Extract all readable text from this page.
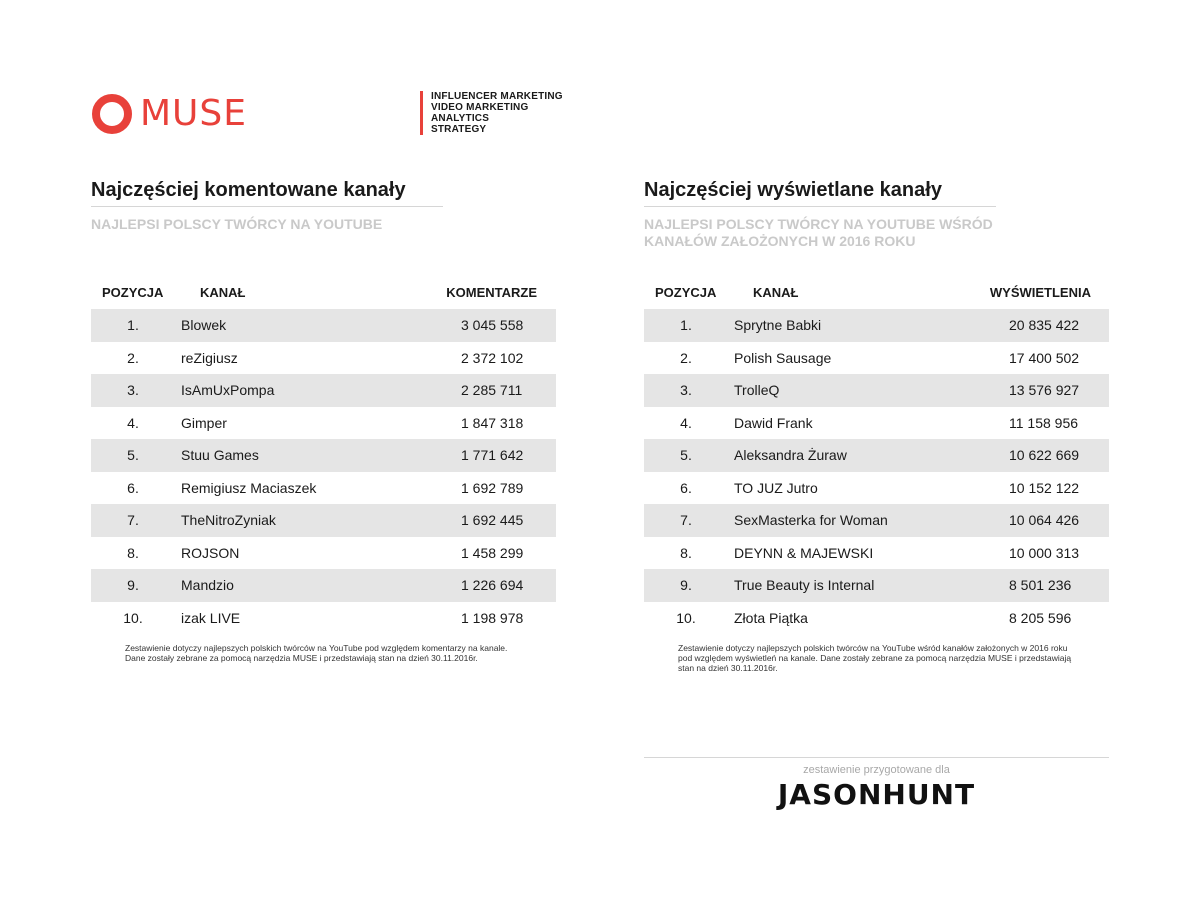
MUSE	INFLUENCER MARKETING
VIDEO MARKETING
ANALYTICS
STRATEGY
Najczęściej komentowane kanały
NAJLEPSI POLSCY TWÓRCY NA YOUTUBE
POZYCJA	KANAŁ	KOMENTARZE
1.	Blowek	3 045 558
2.	reZigiusz	2 372 102
3.	IsAmUxPompa	2 285 711
4.	Gimper	1 847 318
5.	Stuu Games	1 771 642
6.	Remigiusz Maciaszek	1 692 789
7.	TheNitroZyniak	1 692 445
8.	ROJSON	1 458 299
9.	Mandzio	1 226 694
10.	izak LIVE	1 198 978
Zestawienie dotyczy najlepszych polskich twórców na YouTube pod względem komentarzy na kanale.
Dane zostały zebrane za pomocą narzędzia MUSE i przedstawiają stan na dzień 30.11.2016r.
Najczęściej wyświetlane kanały
NAJLEPSI POLSCY TWÓRCY NA YOUTUBE WŚRÓD KANAŁÓW ZAŁOŻONYCH W 2016 ROKU
POZYCJA	KANAŁ	WYŚWIETLENIA
1.	Sprytne Babki	20 835 422
2.	Polish Sausage	17 400 502
3.	TrolleQ	13 576 927
4.	Dawid Frank	11 158 956
5.	Aleksandra Żuraw	10 622 669
6.	TO JUZ Jutro	10 152 122
7.	SexMasterka for Woman	10 064 426
8.	DEYNN & MAJEWSKI	10 000 313
9.	True Beauty is Internal	8 501 236
10.	Złota Piątka	8 205 596
Zestawienie dotyczy najlepszych polskich twórców na YouTube wśród kanałów założonych w 2016 roku
pod względem wyświetleń na kanale. Dane zostały zebrane za pomocą narzędzia MUSE i przedstawiają
stan na dzień 30.11.2016r.
zestawienie przygotowane dla
JASONHUNT
